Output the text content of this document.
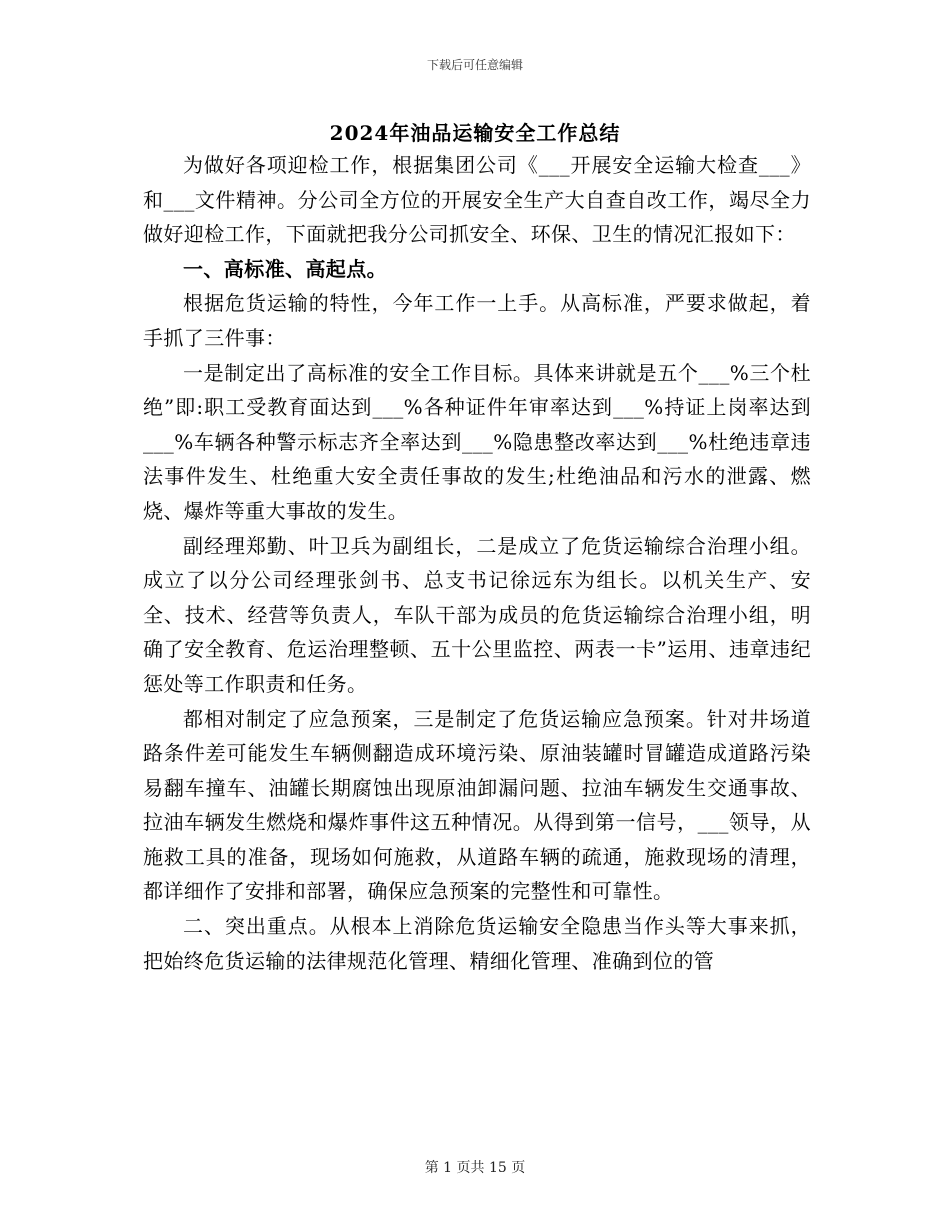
下载后可任意编辑
2024年油品运输安全工作总结

为做好各项迎检工作，根据集团公司《___开展安全运输大检查___》和___文件精神。分公司全方位的开展安全生产大自查自改工作，竭尽全力做好迎检工作，下面就把我分公司抓安全、环保、卫生的情况汇报如下：

一、高标准、高起点。

根据危货运输的特性，今年工作一上手。从高标准，严要求做起，着手抓了三件事：

一是制定出了高标准的安全工作目标。具体来讲就是五个___%三个杜绝”即:职工受教育面达到___%各种证件年审率达到___%持证上岗率达到___%车辆各种警示标志齐全率达到___%隐患整改率达到___%杜绝违章违法事件发生、杜绝重大安全责任事故的发生;杜绝油品和污水的泄露、燃烧、爆炸等重大事故的发生。

副经理郑勤、叶卫兵为副组长，二是成立了危货运输综合治理小组。成立了以分公司经理张剑书、总支书记徐远东为组长。以机关生产、安全、技术、经营等负责人，车队干部为成员的危货运输综合治理小组，明确了安全教育、危运治理整顿、五十公里监控、两表一卡”运用、违章违纪惩处等工作职责和任务。

都相对制定了应急预案，三是制定了危货运输应急预案。针对井场道路条件差可能发生车辆侧翻造成环境污染、原油装罐时冒罐造成道路污染易翻车撞车、油罐长期腐蚀出现原油卸漏问题、拉油车辆发生交通事故、拉油车辆发生燃烧和爆炸事件这五种情况。从得到第一信号，___领导，从施救工具的准备，现场如何施救，从道路车辆的疏通，施救现场的清理，都详细作了安排和部署，确保应急预案的完整性和可靠性。

二、突出重点。从根本上消除危货运输安全隐患当作头等大事来抓，把始终危货运输的法律规范化管理、精细化管理、准确到位的管

第 1 页共 15 页
